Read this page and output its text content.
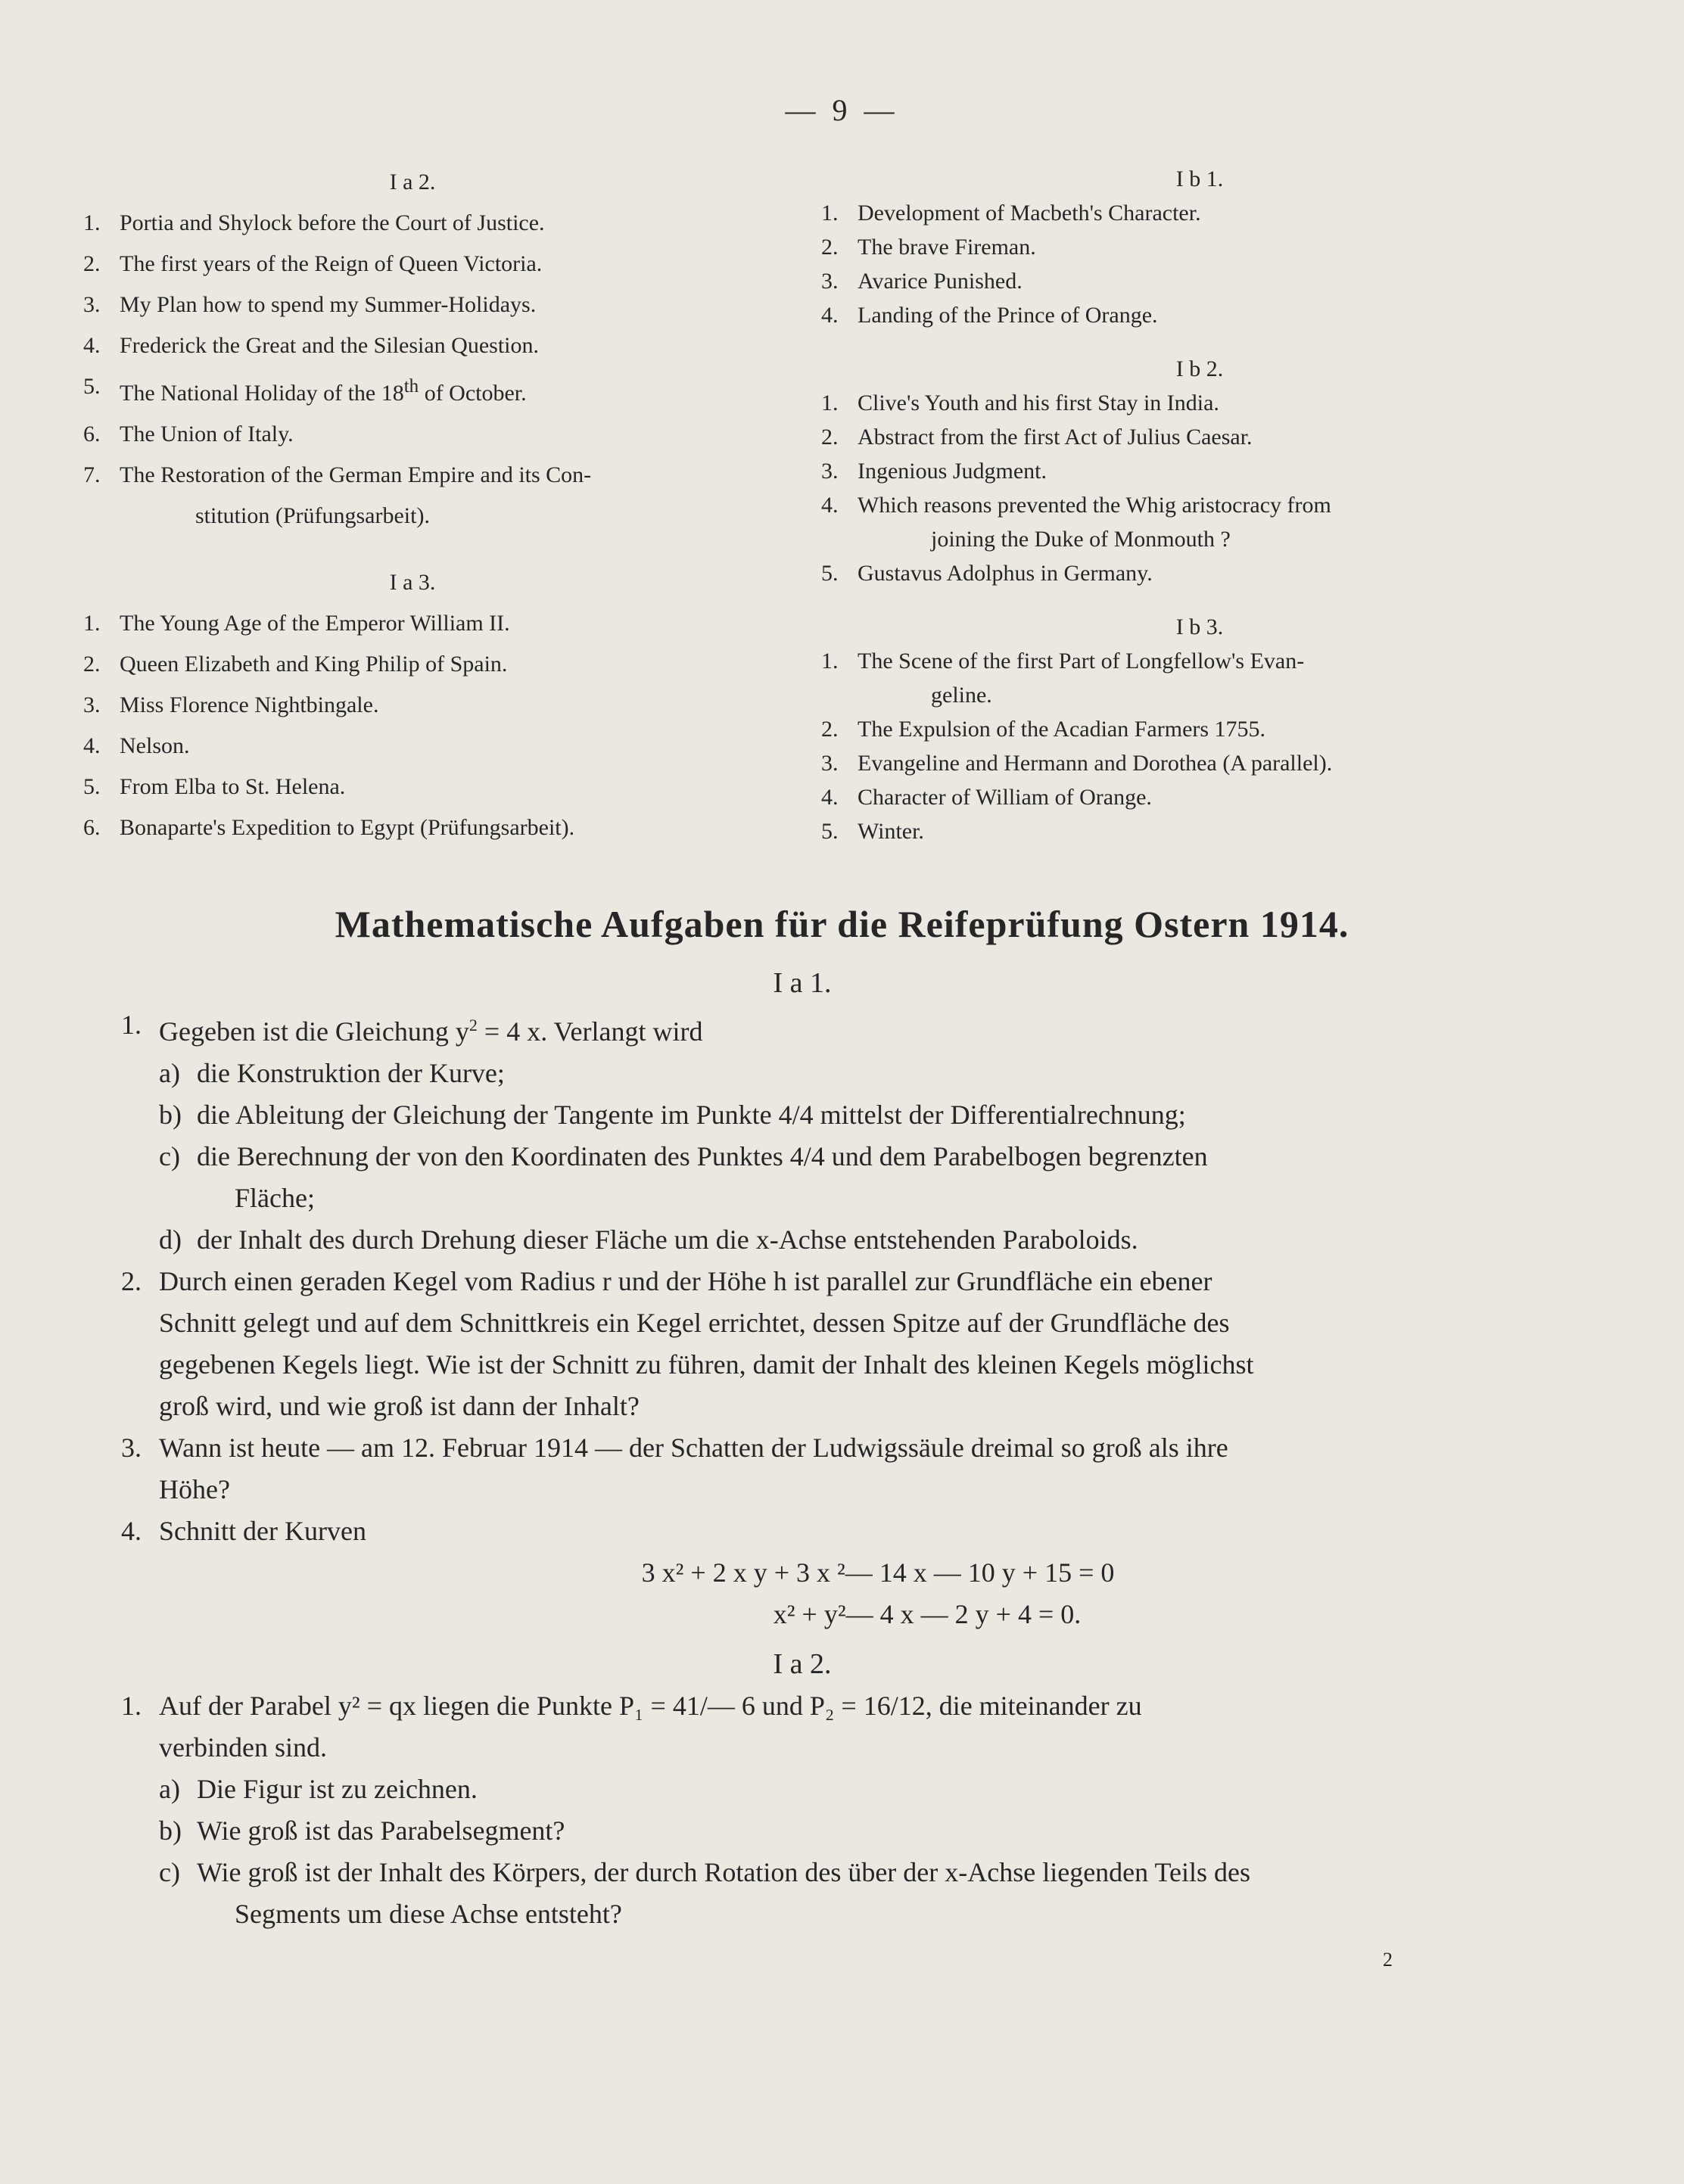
— 9 —
I a 2.
1. Portia and Shylock before the Court of Justice.
2. The first years of the Reign of Queen Victoria.
3. My Plan how to spend my Summer-Holidays.
4. Frederick the Great and the Silesian Question.
5. The National Holiday of the 18th of October.
6. The Union of Italy.
7. The Restoration of the German Empire and its Con-
stitution (Prüfungsarbeit).
I a 3.
1. The Young Age of the Emperor William II.
2. Queen Elizabeth and King Philip of Spain.
3. Miss Florence Nightbingale.
4. Nelson.
5. From Elba to St. Helena.
6. Bonaparte's Expedition to Egypt (Prüfungsarbeit).
I b 1.
1. Development of Macbeth's Character.
2. The brave Fireman.
3. Avarice Punished.
4. Landing of the Prince of Orange.
I b 2.
1. Clive's Youth and his first Stay in India.
2. Abstract from the first Act of Julius Caesar.
3. Ingenious Judgment.
4. Which reasons prevented the Whig aristocracy from
joining the Duke of Monmouth ?
5. Gustavus Adolphus in Germany.
I b 3.
1. The Scene of the first Part of Longfellow's Evan-
geline.
2. The Expulsion of the Acadian Farmers 1755.
3. Evangeline and Hermann and Dorothea (A parallel).
4. Character of William of Orange.
5. Winter.
Mathematische Aufgaben für die Reifeprüfung Ostern 1914.
I a 1.
1. Gegeben ist die Gleichung $y^2 = 4$ x. Verlangt wird
a) die Konstruktion der Kurve;
b) die Ableitung der Gleichung der Tangente im Punkte 4/4 mittelst der Differentialrechnung;
c) die Berechnung der von den Koordinaten des Punktes 4/4 und dem Parabelbogen begrenzten
Fläche;
d) der Inhalt des durch Drehung dieser Fläche um die x-Achse entstehenden Paraboloids.
2. Durch einen geraden Kegel vom Radius r und der Höhe h ist parallel zur Grundfläche ein ebener
Schnitt gelegt und auf dem Schnittkreis ein Kegel errichtet, dessen Spitze auf der Grundfläche des
gegebenen Kegels liegt. Wie ist der Schnitt zu führen, damit der Inhalt des kleinen Kegels möglichst
groß wird, und wie groß ist dann der Inhalt?
3. Wann ist heute — am 12. Februar 1914 — der Schatten der Ludwigssäule dreimal so groß als ihre
Höhe?
4. Schnitt der Kurven
3 x² + 2 x y + 3 x ²— 14 x — 10 y + 15 = 0
x² + y²— 4 x — 2 y + 4 = 0.
I a 2.
1. Auf der Parabel y² = qx liegen die Punkte P₁ = 41/— 6 und P₂ = 16/12, die miteinander zu
verbinden sind.
a) Die Figur ist zu zeichnen.
b) Wie groß ist das Parabelsegment?
c) Wie groß ist der Inhalt des Körpers, der durch Rotation des über der x-Achse liegenden Teils des
Segments um diese Achse entsteht?
2
